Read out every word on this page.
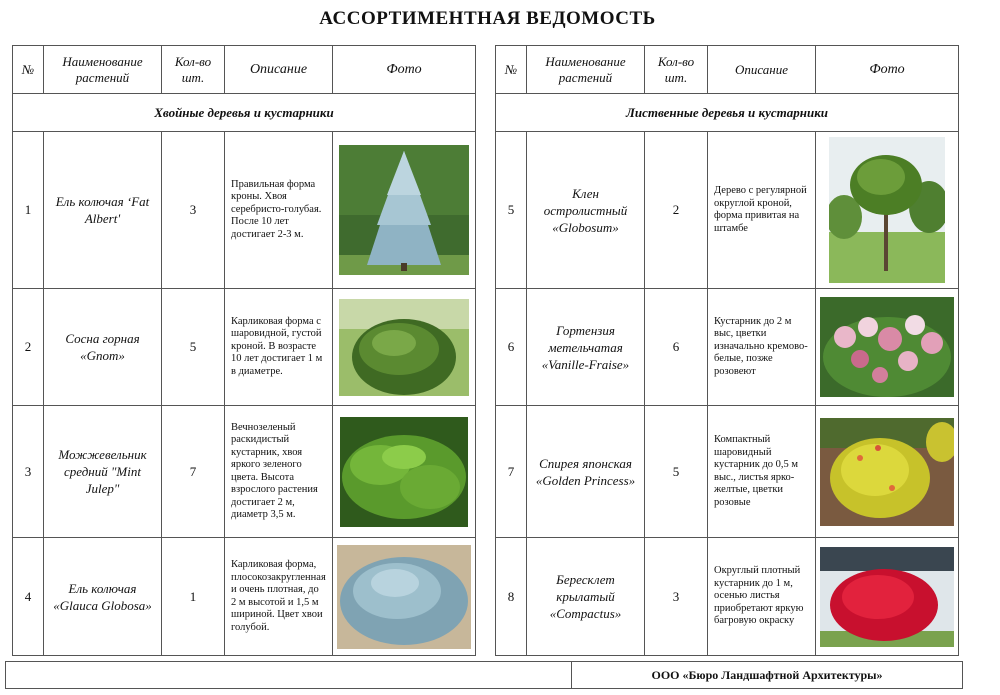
АССОРТИМЕНТНАЯ ВЕДОМОСТЬ
№	Наименование растений	Кол-во шт.	Описание	Фото
Хвойные деревья и кустарники				
1	Ель колючая ‘Fat Albert'	3	Правильная форма кроны. Хвоя серебристо-голубая. После 10 лет достигает 2-3 м.	

2	Сосна горная «Gnom»	5	Карликовая форма с шаровидной, густой кроной. В возрасте 10 лет достигает 1 м в диаметре.	

3	Можжевельник средний "Mint Julep"	7	Вечнозеленый раскидистый кустарник, хвоя яркого зеленого цвета. Высота взрослого растения достигает 2 м, диаметр 3,5 м.	

4	Ель колючая «Glauca Globosa»	1	Карликовая форма, плосокозакругленная и очень плотная, до 2 м высотой и 1,5 м шириной. Цвет хвои голубой.	
№	Наименование растений	Кол-во шт.	Описание	Фото
Лиственные деревья и кустарники				
5	Клен остролистный «Globosum»	2	Дерево с регулярной округлой кроной, форма привитая на штамбе	

6	Гортензия метельчатая «Vanille-Fraise»	6	Кустарник до 2 м выс, цветки изначально кремово-белые, позже розовеют	

7	Спирея японская «Golden Princess»	5	Компактный шаровидный кустарник до 0,5 м выс., листья ярко-желтые, цветки розовые	

8	Бересклет крылатый «Compactus»	3	Округлый плотный кустарник до 1 м, осенью листья приобретают яркую багровую окраску	
ООО «Бюро Ландшафтной Архитектуры»
